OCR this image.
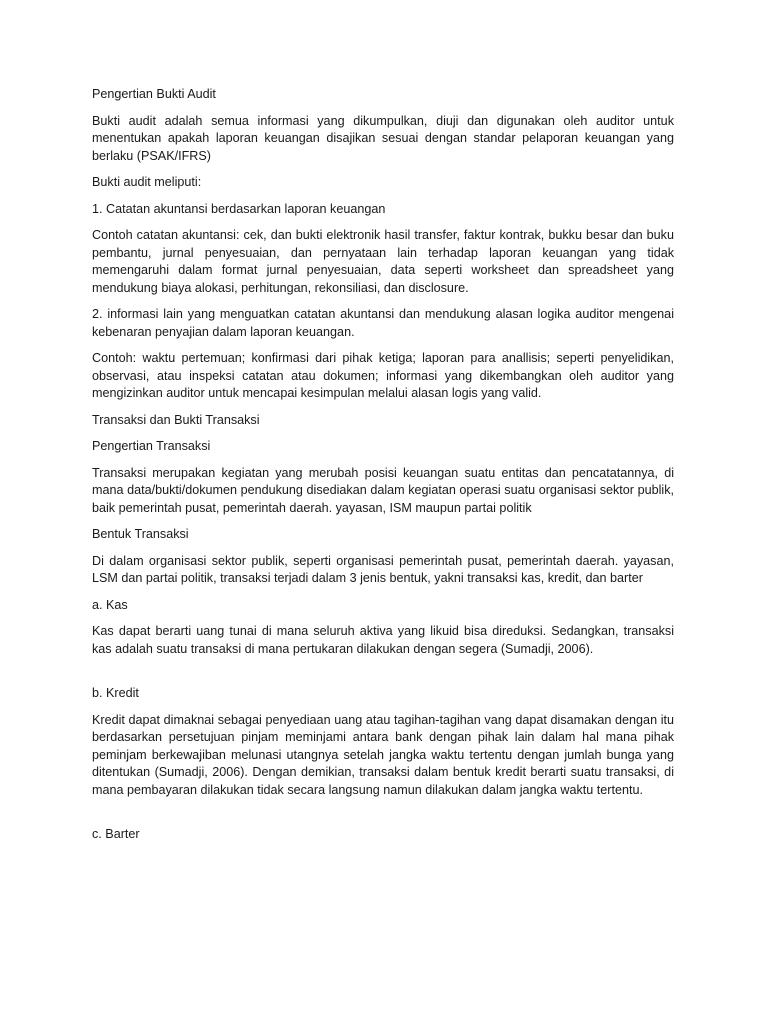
Pengertian Bukti Audit

Bukti audit adalah semua informasi yang dikumpulkan, diuji dan digunakan oleh auditor untuk menentukan apakah laporan keuangan disajikan sesuai dengan standar pelaporan keuangan yang berlaku (PSAK/IFRS)

Bukti audit meliputi:

1. Catatan akuntansi berdasarkan laporan keuangan

Contoh catatan akuntansi: cek, dan bukti elektronik hasil transfer, faktur kontrak, bukku besar dan buku pembantu, jurnal penyesuaian, dan pernyataan lain terhadap laporan keuangan yang tidak memengaruhi dalam format jurnal penyesuaian, data seperti worksheet dan spreadsheet yang mendukung biaya alokasi, perhitungan, rekonsiliasi, dan disclosure.

2. informasi lain yang menguatkan catatan akuntansi dan mendukung alasan logika auditor mengenai kebenaran penyajian dalam laporan keuangan.

Contoh: waktu pertemuan; konfirmasi dari pihak ketiga; laporan para anallisis; seperti penyelidikan, observasi, atau inspeksi catatan atau dokumen; informasi yang dikembangkan oleh auditor yang mengizinkan auditor untuk mencapai kesimpulan melalui alasan logis yang valid.

Transaksi dan Bukti Transaksi

Pengertian Transaksi

Transaksi merupakan kegiatan yang merubah posisi keuangan suatu entitas dan pencatatannya, di mana data/bukti/dokumen pendukung disediakan dalam kegiatan operasi suatu organisasi sektor publik, baik pemerintah pusat, pemerintah daerah. yayasan, ISM maupun partai politik

Bentuk Transaksi

Di dalam organisasi sektor publik, seperti organisasi pemerintah pusat, pemerintah daerah. yayasan, LSM dan partai politik, transaksi terjadi dalam 3 jenis bentuk, yakni transaksi kas, kredit, dan barter

a. Kas

Kas dapat berarti uang tunai di mana seluruh aktiva yang likuid bisa direduksi. Sedangkan, transaksi kas adalah suatu transaksi di mana pertukaran dilakukan dengan segera (Sumadji, 2006).

b. Kredit

Kredit dapat dimaknai sebagai penyediaan uang atau tagihan-tagihan vang dapat disamakan dengan itu berdasarkan persetujuan pinjam meminjami antara bank dengan pihak lain dalam hal mana pihak peminjam berkewajiban melunasi utangnya setelah jangka waktu tertentu dengan jumlah bunga yang ditentukan (Sumadji, 2006). Dengan demikian, transaksi dalam bentuk kredit berarti suatu transaksi, di mana pembayaran dilakukan tidak secara langsung namun dilakukan dalam jangka waktu tertentu.

c. Barter
